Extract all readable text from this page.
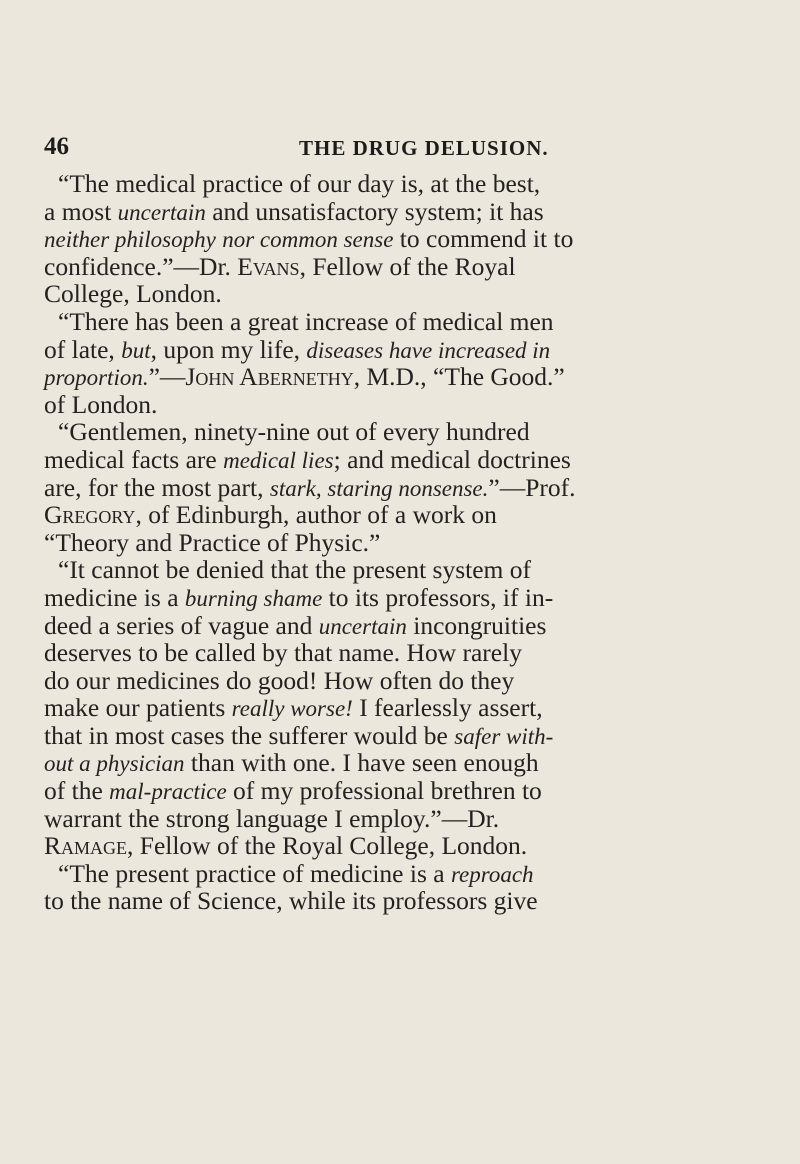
46	THE DRUG DELUSION.
“The medical practice of our day is, at the best,
a most uncertain and unsatisfactory system; it has
neither philosophy nor common sense to commend it to
confidence.”—Dr. Evans, Fellow of the Royal
College, London.
“There has been a great increase of medical men
of late, but, upon my life, diseases have increased in
proportion.”—John Abernethy, M.D., “The Good.”
of London.
“Gentlemen, ninety-nine out of every hundred
medical facts are medical lies; and medical doctrines
are, for the most part, stark, staring nonsense.”—Prof.
Gregory, of Edinburgh, author of a work on
“Theory and Practice of Physic.”
“It cannot be denied that the present system of
medicine is a burning shame to its professors, if in-
deed a series of vague and uncertain incongruities
deserves to be called by that name. How rarely
do our medicines do good! How often do they
make our patients really worse! I fearlessly assert,
that in most cases the sufferer would be safer with-
out a physician than with one. I have seen enough
of the mal-practice of my professional brethren to
warrant the strong language I employ.”—Dr.
Ramage, Fellow of the Royal College, London.
“The present practice of medicine is a reproach
to the name of Science, while its professors give
